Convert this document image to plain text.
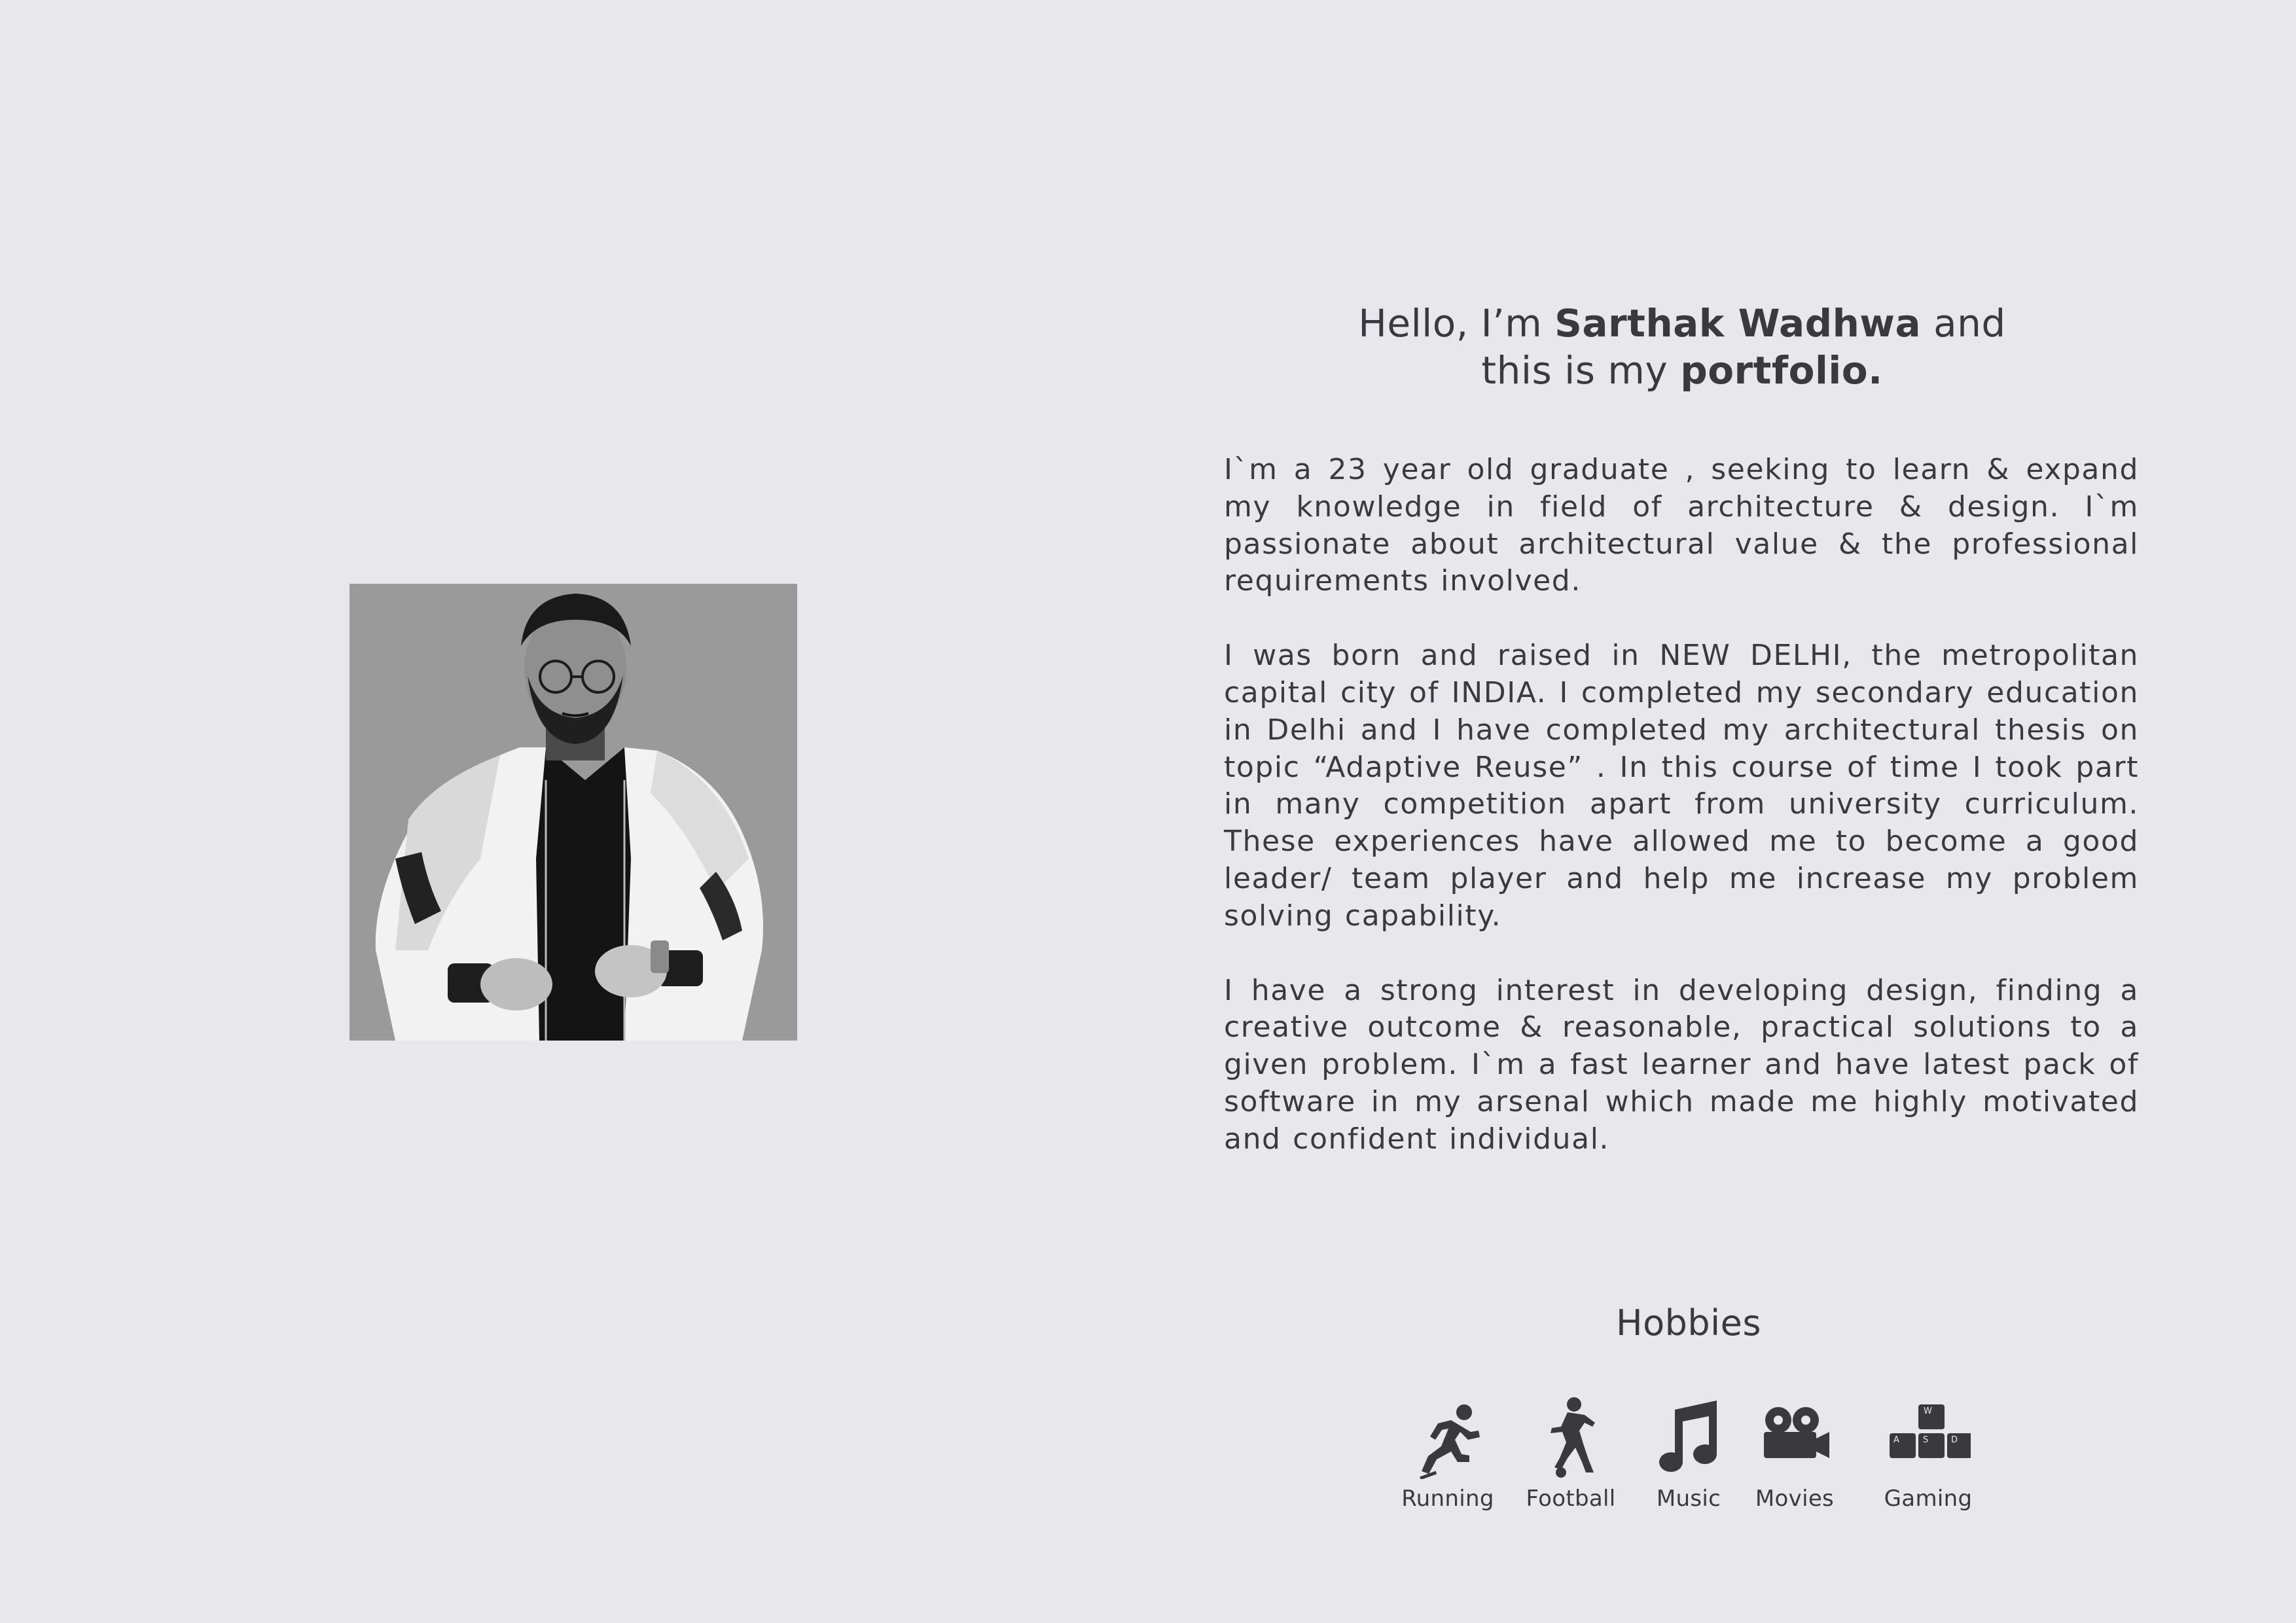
Hello, I’m Sarthak Wadhwa and
this is my portfolio.

I`m a 23 year old graduate , seeking to learn & expand my knowledge in field of architecture & design. I`m passionate about architectural value & the professional requirements involved.

I was born and raised in NEW DELHI, the metropolitan capital city of INDIA. I completed my secondary education in Delhi and I have completed my architectural thesis on topic “Adaptive Reuse” . In this course of time I took part in many competition apart from university curriculum. These experiences have allowed me to become a good leader/ team player and help me increase my problem solving capability.

I have a strong interest in developing design, finding a creative outcome & reasonable, practical solutions to a given problem. I`m a fast learner and have latest pack of software in my arsenal which made me highly motivated and confident individual.

Hobbies
Running	Football	Music	Movies
W
A	S	D
Gaming
